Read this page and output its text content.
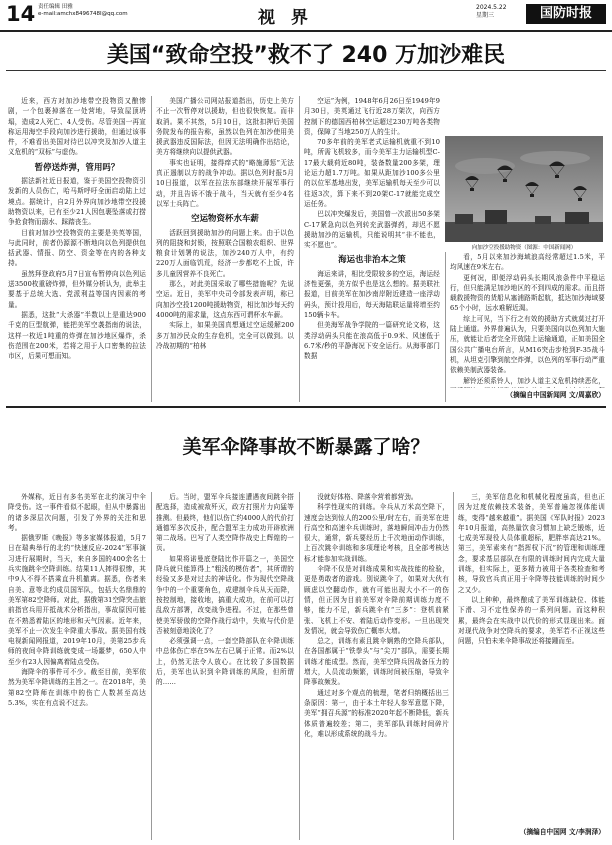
14 责任编辑 田雅
e-mail:amchx8496748I@qq.com	视 界
2024.5.22
星期三	国防时报
美国“致命空投”救不了 240 万加沙难民

近来，西方对加沙地带空投物资又酿惨剧，一个包裹掉落在一处营地，导致屋顶坍塌，造成2人死亡、4人受伤。尽管美国一再宣称运用海空手段向加沙进行援助，但通过该事件，不难看出美国对待巴以冲突及加沙人道主义危机的“双标”与虚伪。

暂停送炸弹，管用吗？

据法新社近日报道，鉴于美国空投物资引发新的人员伤亡，哈马斯呼吁全面启动陆上过境点。据统计，自2月外界向加沙地带空投援助物资以来，已有至少21人因包裹坠落或打捞争抢食物而溺水、踩踏丧生。

目前对加沙空投物资的主要是美英等国，与此同时，前者仍源源不断地向以色列提供包括武器、情报、防空、资金等在内的各种支持。

虽然拜登政府5月7日宣布暂停向以色列运送3500枚重磅炸弹，但外媒分析认为，此举主要基于总统大选、党派利益等国内因素的考量。

据悉，这批“大杀器”半数以上是重达900千克的巨型航弹，能把美军空袭指南的说法，这样一枚近1吨重的炸弹在加沙地区爆炸，杀伤范围在200米，若将之用于人口密集的拉法市区，后果可想而知。

美国广播公司网站报道指出，历史上美方不止一次暂停对以援助，但也很快恢复。而非取消。果不其然，5月10日，这批扣押后美国务院发布的报告称，虽然以色列在加沙使用美援武器违反国际法，但因无法明确作出结论，美方将继续向以提供武器。

事实也证明，接得痒式的“略施薄惩”无法真正遏制以方的战争冲动。据以色列时报5月10日报道，以军在拉法东部继续开展军事行动，并且告诉不饿于战斗，当天就有至少4名以军士兵阵亡。

空运物资杯水车薪

活跃回到援助加沙的问题上来。由于以色列的阻挠和封锁，按照联合国粮农组织、世界粮食计划署的说法，加沙240万人中，有约220万人面临饥荒，经济一步都吃不上饭，许多儿童因营养不良死亡。

那么，对此美国采取了哪些措施呢？先说空运。近日，美军中央司令部发表声明，称已向加沙空投1200吨援助物资，相比加沙每天约4000吨的需求量，这点东西可谓杯水车薪。

实际上，如果美国真想通过空运缓解200多万加沙民众的生存危机，完全可以做到。以冷战初期的“柏林

空运”为例，1948年6月26日至1949年9月30日，美英通过飞行近28万架次，向西方控制下的德国西柏林空运超过230万吨各类物资，保障了当地250万人的生计。

70多年前的美军老式运输机就重不到10吨，所需飞机较多，而今美军主力运输机型C-17最大载荷近80吨，装备数量200多架，理论运力超1.7万吨。如果从距加沙100多公里的以位军基地出发，美军运输机每天至少可以往返3次，算下来不到20架C-17就能完成空运任务。

巴以冲突爆发后，美国曾一次派出50多架C-17紧急向以色列转充武器弹药，却迟不愿援助加沙的运输机，只能说明其“非不能也，实不愿也”。

海运也非治本之策

海运来讲，相比受限较多的空运，海运经济性更强，美方似乎也是这么想的。据美联社报道，目前美军在加沙南岸附近建造一座浮动码头，预计投用后，每天海陆联运量将增至约150辆卡车。

但美海军战争学院的一篇研究论文称，这类浮动码头只能在浪高低于0.9米、风速低于6.7米/秒的平静海况下安全运行。从海事部门数据

向加沙空投援助物资（图源：中国新闻网）

看，5月以来加沙海域浪高经常超过1.5米，平均风速在9米左右。

更何况，即便浮动码头长期风浪条件中平稳运行，但只能满足加沙地区的不到四成的需求。而且搭载救援物资的货船从塞浦路斯起航，抵达加沙海域要65个小时，远水难解近渴。

综上可见，当下行之有效的援助方式就莫过打开陆上通道。外界普遍认为，只要美国向以色列加大施压，就能让后者完全开放陆上运输通道，正如美国全国公共广播电台所言，从M16突击步枪到F-35战斗机，从坦克引擎到航空炸弹，以色列的军事行动严重依赖美制武器装备。

解铃还须系铃人，加沙人道主义危机持续恶化，

（摘编自中国新闻网 文/周嘉欣）
美军伞降事故不断暴露了啥？

外媒称，近日有多名美军在北约演习中伞降受伤。这一事件看似不起眼，但从中暴露出的诸多深层次问题，引发了外界的关注和思考。

据俄罗斯《晚报》等多家媒体报道，5月7日在瑞典举行的北约“快速反应-2024”军事演习进行展期时，当天，来自多国的400余名士兵实施跳伞空降训练。结果11人摔得很惨，其中9人不得不搭乘直升机撤离。据悉，伤者来自美、意等北约成员国军队，包括大名鼎鼎的美军第82空降师。对此，据俄第31空降突击旅前指官兵用开抵战术分析指出，事故原因可能在不熟悉着陆区的地形和天气因素。近年来，美军不止一次发生伞降重大事故。据美国有线电视新闻网报道，2019年10月，美第25步兵师的夜间伞降训练就变成一场噩梦，650人中至少有23人因偏离着陆点受伤。

海降伞的事件可不少。截至目前，美军依然为美军伞降训练的主旨之一。在2018年，美第82空降师在训练中的伤亡人数甚至高达5.3%，实在有点说不过去。

后。当时，盟军伞兵接连遭遇夜间跳伞搭配选择，造成被敌歼灭，政方打照片力向猛等推测。但最终，他们以伤亡约4000人的代价打通德军多次反扑，配合盟军主力成功开辟欧洲第二战场。巴写了人类空降作战史上辉煌的一页。

如果将诺曼底登陆比作开篇之一，美国空降兵就只能算得上“粗浅的模仿者”，其所谓的经验又多是对过去的神话化。作为现代空降战争中的一个重要角色，成建制伞兵从天而降，按控制地，接收地，搞重大成功，在前可以打乱敌方部署，改变战争进程。不过，在那些曾使美军骄傲的空降作战行动中，失败与代价是否被刻意地淡化了？

必须强调一点，一套空降部队在伞降训练中总体伤亡率在5%左右已属于正常。而2%以上，仍然无法令人放心。在比较了多国数据后，美军也认识到伞降训练的风险，但所谓的……

没就好体格、降落伞营着都营劲。

科学性现实的训练。伞兵从万米高空降下，速度会达到惊人的200公里/时左右，而美军在进行高空和高速伞兵训练时，落地瞬间冲击力仍然很大，通常，新兵要经历上千次地面动作训练，上百次跳伞训练和多项理论考核，且全部考核达标才能参加实战训练。

伞降不仅是对训练成果和实战技能的检验，更是勇敢者的游戏。别说跳伞了，如果对大伙有顾虑以空翻动作，就有可能出现大小不一的伤情，但正因为目前美军对伞降前期训练力度不够，能力不足，新兵跳伞有“三多”：登机前紧张、飞机上不安、着陆后动作变形。一旦出现突发情况，就会导致伤亡概率大增。

总之，训练有素且跳伞娴熟的空降兵部队，在各国都属于“铁拳头”与“尖刀”部队，需要长期训练才能成型。然而，美军空降兵因战备压力的增大，人员流动频繁，训练时间被压缩，导致伞降事故频发。

通过对多个观点的梳理，笔者归纳概括出三条原因：第一，由于本土年轻人参军意愿下降，美军“拥召兵源”的标准2020年起不断降低，新兵体质普遍较差；第二，美军部队训练时间碎片化，难以形成系统的战斗力。

三，美军信息化和机械化程度虽高，但也正因为过度依赖技术装备，美军普遍忽视体能训练，变得“越来越重”。据美国《军队时报》2023年10月报道，高热量饮食习惯加上缺乏锻炼，近七成美军现役人员体重超标，肥胖率高达21%。第三，美军素来有“指挥权下沉”的管理和训练理念，要求基层部队在有限的训练时间内完成大量训练，但实际上，更多精力被用于各类检查和考核，导致官兵真正用于伞降等技能训练的时间少之又少。

以上种种，最终酿成了美军训练缺位、体能下滑、习不定性保养的一系列问题。而这种积累，最终会在实战中以代价的形式显现出来。面对现代战争对空降兵的要求，美军若不正视这些问题，只怕未来伞降事故还将接踵而至。

（摘编自中国网 文/李润泽）
